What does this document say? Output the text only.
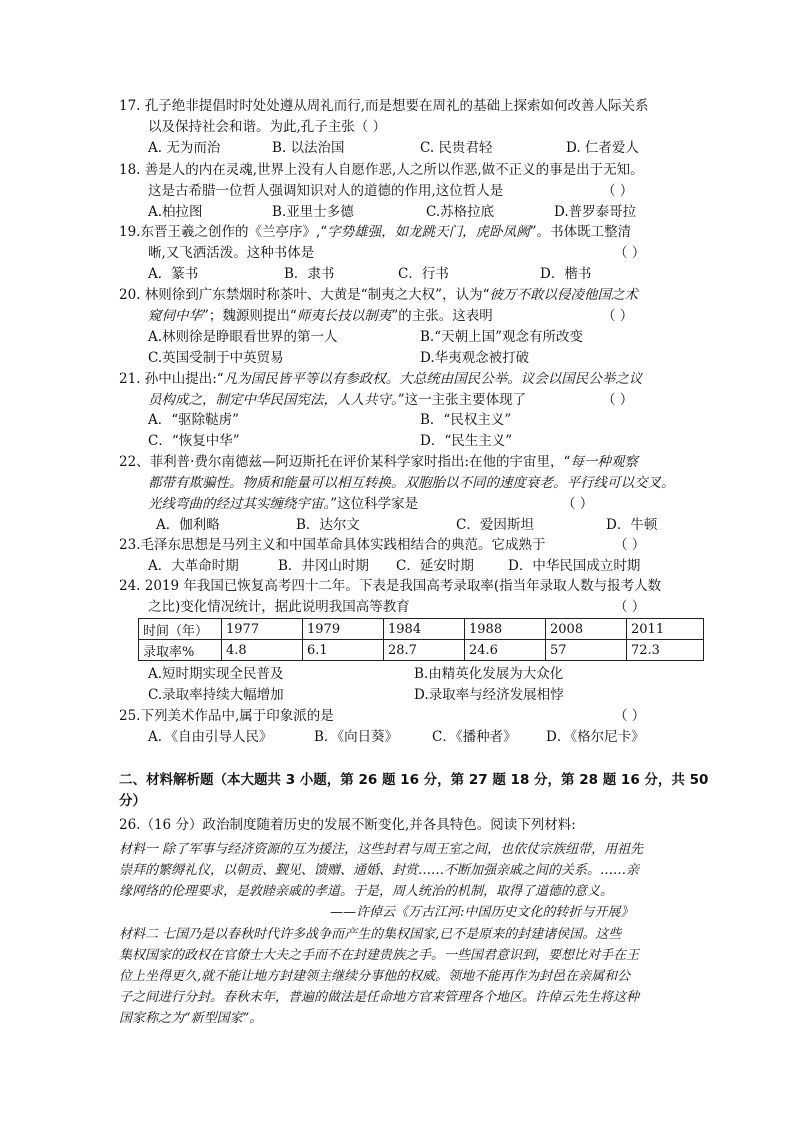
17. 孔子绝非提倡时时处处遵从周礼而行,而是想要在周礼的基础上探索如何改善人际关系
以及保持社会和谐。为此,孔子主张（ ）
A. 无为而治	B. 以法治国	C. 民贵君轻	D. 仁者爱人
18. 善是人的内在灵魂,世界上没有人自愿作恶,人之所以作恶,做不正义的事是出于无知。
这是古希腊一位哲人强调知识对人的道德的作用,这位哲人是	（ ）
A.柏拉图	B.亚里士多德	C.苏格拉底	D.普罗泰哥拉
19.东晋王羲之创作的《兰亭序》,“字势雄强，如龙跳天门，虎卧凤阙”。书体既工整清
晰,又飞洒活泼。这种书体是	（ ）
A．篆书	B．隶书	C．行书	D．楷书
20. 林则徐到广东禁烟时称茶叶、大黄是“制夷之大权”，认为“彼万不敢以侵凌他国之术
窥伺中华”；魏源则提出“师夷长技以制夷”的主张。这表明	（ ）
A.林则徐是睁眼看世界的第一人	B.“天朝上国”观念有所改变
C.英国受制于中英贸易	D.华夷观念被打破
21. 孙中山提出:“凡为国民皆平等以有参政权。大总统由国民公举。议会以国民公举之议
员构成之，制定中华民国宪法，人人共守。”这一主张主要体现了	（ ）
A．“驱除鞑虏”	B．“民权主义”
C．“恢复中华”	D．“民生主义”
22、菲利普·费尔南德兹—阿迈斯托在评价某科学家时指出:在他的宇宙里，“每一种观察
都带有欺骗性。物质和能量可以相互转换。双胞胎以不同的速度衰老。平行线可以交叉。
光线弯曲的经过其实缠绕宇宙。”这位科学家是	（ ）
A．伽利略	B．达尔文	C．爱因斯坦	D．牛顿
23.毛泽东思想是马列主义和中国革命具体实践相结合的典范。它成熟于	（ ）
A．大革命时期	B．井冈山时期 C．延安时期	D．中华民国成立时期
24. 2019 年我国已恢复高考四十二年。下表是我国高考录取率(指当年录取人数与报考人数
之比)变化情况统计，据此说明我国高等教育	（ ）
时间（年）	1977	1979	1984	1988	2008	2011
录取率%	4.8	6.1	28.7	24.6	57	72.3
A.短时期实现全民普及	B.由精英化发展为大众化
C.录取率持续大幅增加	D.录取率与经济发展相悖
25.下列美术作品中,属于印象派的是	（ ）
A．《自由引导人民》	B．《向日葵》	C．《播种者》 D．《格尔尼卡》
二、材料解析题（本大题共 3 小题，第 26 题 16 分，第 27 题 18 分，第 28 题 16 分，共 50
分）
26.（16 分）政治制度随着历史的发展不断变化,并各具特色。阅读下列材料:
材料一 除了军事与经济资源的互为援注，这些封君与周王室之间，也依仗宗族纽带，用祖先
崇拜的繁缛礼仪，以朝贡、觐见、馈赠、通婚、封赏……不断加强亲戚之间的关系。……亲
缘网络的伦理要求，是敦睦亲戚的孝道。于是，周人统治的机制，取得了道德的意义。
——许倬云《万古江河:中国历史文化的转折与开展》
材料二 七国乃是以春秋时代许多战争而产生的集权国家,已不是原来的封建诸侯国。这些
集权国家的政权在官僚士大夫之手而不在封建贵族之手。一些国君意识到，要想比对手在王
位上坐得更久,就不能让地方封建领主继续分事他的权威。领地不能再作为封邑在亲属和公
子之间进行分封。春秋末年，普遍的做法是任命地方官来管理各个地区。许倬云先生将这种
国家称之为“新型国家”。
